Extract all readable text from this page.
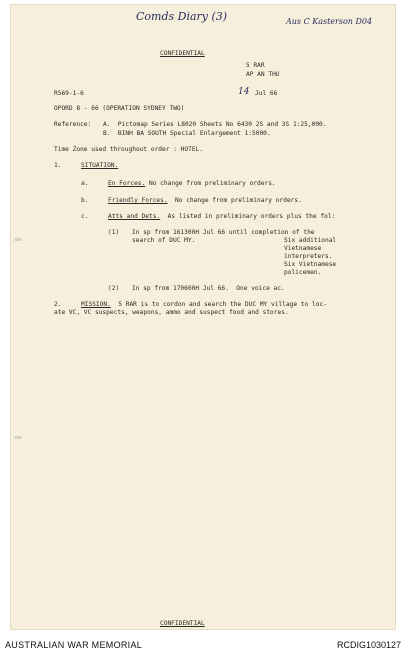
Comds Diary (3)	Aus C Kasterson D04
CONFIDENTIAL
5 RAR
AP AN THU
14 Jul 66
R569-1-6
OPORD 8 - 66 (OPERATION SYDNEY TWO)
Reference: A.  Pictomap Series L8020 Sheets No 6430 2S and 3S 1:25,000.
B.  BINH BA SOUTH Special Enlargement 1:5000.
Time Zone used throughout order : HOTEL.
1.	SITUATION.
a.	En Forces. No change from preliminary orders.
b.	Friendly Forces.  No change from preliminary orders.
c.	Atts and Dets.  As listed in preliminary orders plus the fol:
(1) In sp from 161300H Jul 66 until completion of the
search of DUC MY.	Six additional
Vietnamese
interpreters.
Six Vietnamese
policemen.
(2) In sp from 170600H Jul 66.  One voice ac.
2.	MISSION.  5 RAR is to cordon and search the DUC MY village to loc-
ate VC, VC suspects, weapons, ammo and suspect food and stores.
CONFIDENTIAL
AUSTRALIAN WAR MEMORIAL	RCDIG1030127
